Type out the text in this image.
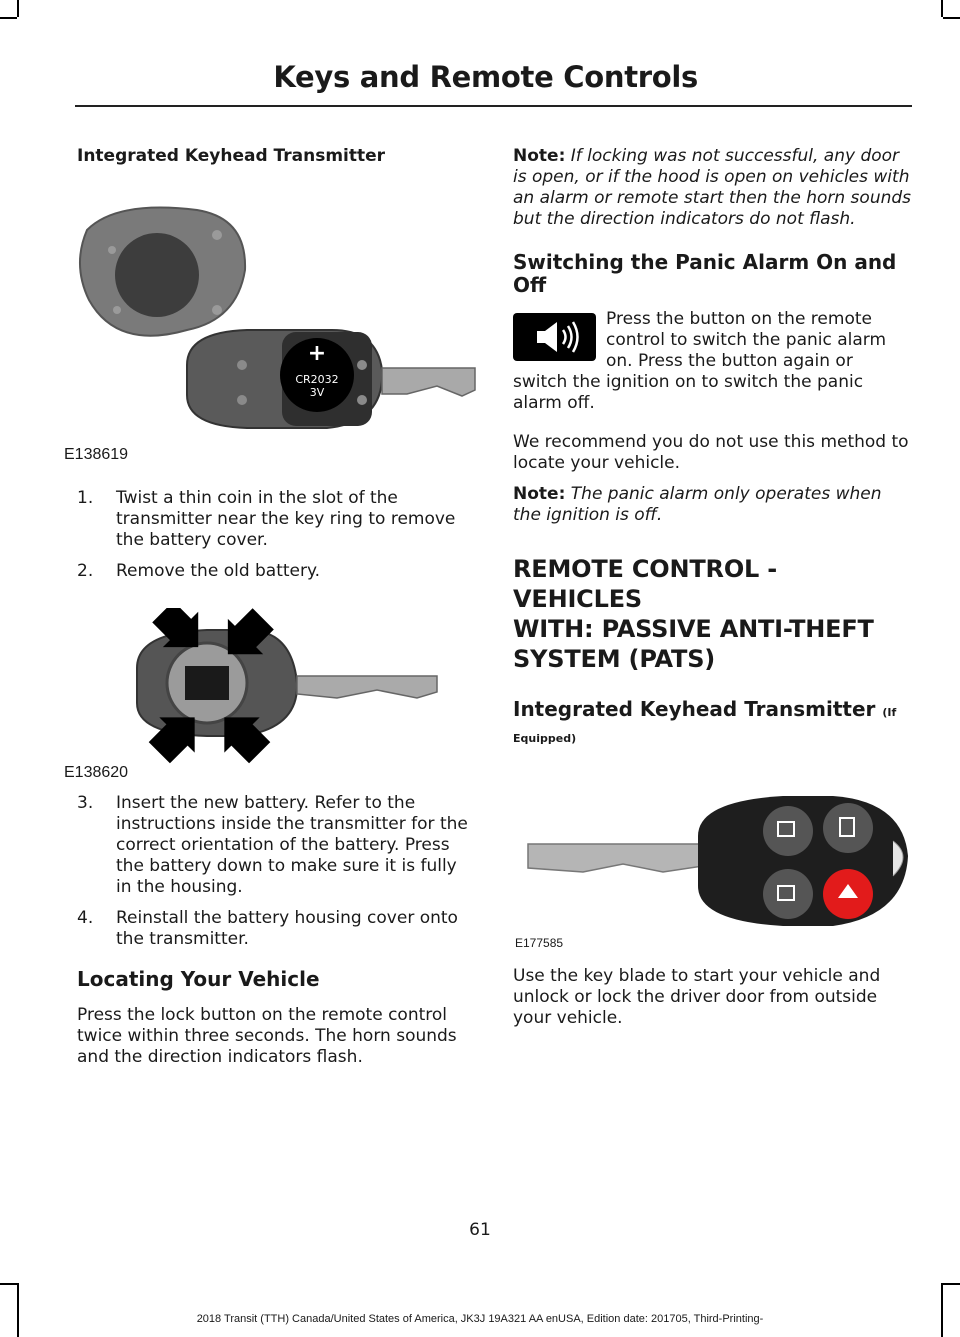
Keys and Remote Controls
Integrated Keyhead Transmitter
+
CR2032
3V
E138619
1. Twist a thin coin in the slot of the transmitter near the key ring to remove the battery cover.
2. Remove the old battery.
E138620
3. Insert the new battery. Refer to the instructions inside the transmitter for the correct orientation of the battery. Press the battery down to make sure it is fully in the housing.
4. Reinstall the battery housing cover onto the transmitter.
Locating Your Vehicle

Press the lock button on the remote control twice within three seconds. The horn sounds and the direction indicators flash.

Note: If locking was not successful, any door is open, or if the hood is open on vehicles with an alarm or remote start then the horn sounds but the direction indicators do not flash.

Switching the Panic Alarm On and Off

Press the button on the remote control to switch the panic alarm on. Press the button again or

switch the ignition on to switch the panic alarm off.

We recommend you do not use this method to locate your vehicle.

Note: The panic alarm only operates when the ignition is off.

REMOTE CONTROL - VEHICLES
WITH: PASSIVE ANTI-THEFT
SYSTEM (PATS)
Integrated Keyhead Transmitter (If
Equipped)
E177585

Use the key blade to start your vehicle and unlock or lock the driver door from outside your vehicle.

61
2018 Transit (TTH) Canada/United States of America, JK3J 19A321 AA enUSA, Edition date: 201705, Third-Printing-
